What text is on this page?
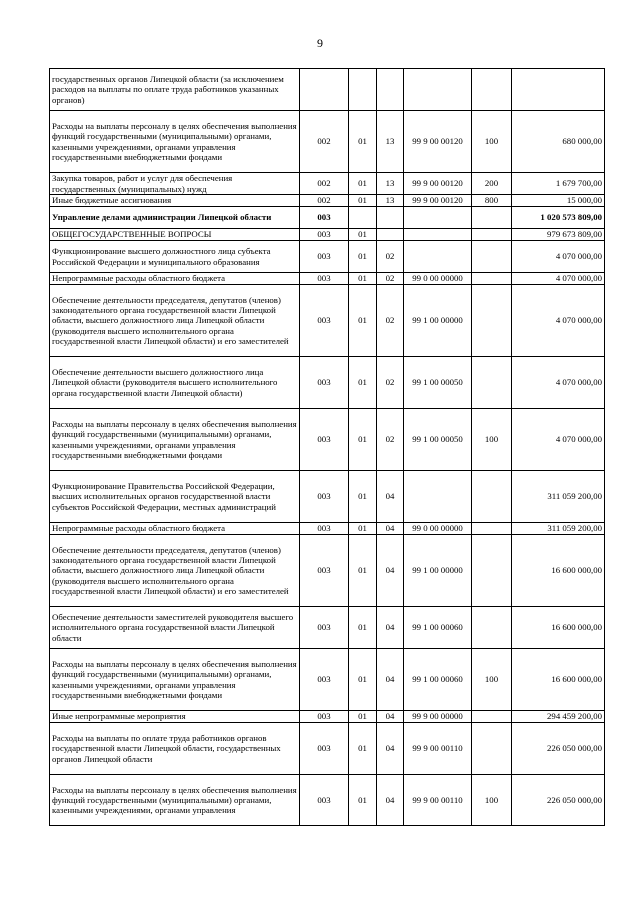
9
государственных органов Липецкой области (за исключением расходов на выплаты по оплате труда работников указанных органов)						
Расходы на выплаты персоналу в целях обеспечения выполнения функций государственными (муниципальными) органами, казенными учреждениями, органами управления государственными внебюджетными фондами	002	01	13	99 9 00 00120	100	680 000,00
Закупка товаров, работ и услуг для обеспечения государственных (муниципальных) нужд	002	01	13	99 9 00 00120	200	1 679 700,00
Иные бюджетные ассигнования	002	01	13	99 9 00 00120	800	15 000,00
Управление делами администрации Липецкой области	003					1 020 573 809,00
ОБЩЕГОСУДАРСТВЕННЫЕ ВОПРОСЫ	003	01				979 673 809,00
Функционирование высшего должностного лица субъекта Российской Федерации и муниципального образования	003	01	02			4 070 000,00
Непрограммные расходы областного бюджета	003	01	02	99 0 00 00000		4 070 000,00
Обеспечение деятельности председателя, депутатов (членов) законодательного органа государственной власти Липецкой области, высшего должностного лица Липецкой области (руководителя высшего исполнительного органа государственной власти Липецкой области) и его заместителей	003	01	02	99 1 00 00000		4 070 000,00
Обеспечение деятельности высшего должностного лица Липецкой области (руководителя высшего исполнительного органа государственной власти Липецкой области)	003	01	02	99 1 00 00050		4 070 000,00
Расходы на выплаты персоналу в целях обеспечения выполнения функций государственными (муниципальными) органами, казенными учреждениями, органами управления государственными внебюджетными фондами	003	01	02	99 1 00 00050	100	4 070 000,00
Функционирование Правительства Российской Федерации, высших исполнительных органов государственной власти субъектов Российской Федерации, местных администраций	003	01	04			311 059 200,00
Непрограммные расходы областного бюджета	003	01	04	99 0 00 00000		311 059 200,00
Обеспечение деятельности председателя, депутатов (членов) законодательного органа государственной власти Липецкой области, высшего должностного лица Липецкой области (руководителя высшего исполнительного органа государственной власти Липецкой области) и его заместителей	003	01	04	99 1 00 00000		16 600 000,00
Обеспечение деятельности заместителей руководителя высшего исполнительного органа государственной власти Липецкой области	003	01	04	99 1 00 00060		16 600 000,00
Расходы на выплаты персоналу в целях обеспечения выполнения функций государственными (муниципальными) органами, казенными учреждениями, органами управления государственными внебюджетными фондами	003	01	04	99 1 00 00060	100	16 600 000,00
Иные непрограммные мероприятия	003	01	04	99 9 00 00000		294 459 200,00
Расходы на выплаты по оплате труда работников органов государственной власти Липецкой области, государственных органов Липецкой области	003	01	04	99 9 00 00110		226 050 000,00
Расходы на выплаты персоналу в целях обеспечения выполнения функций государственными (муниципальными) органами, казенными учреждениями, органами управления	003	01	04	99 9 00 00110	100	226 050 000,00
